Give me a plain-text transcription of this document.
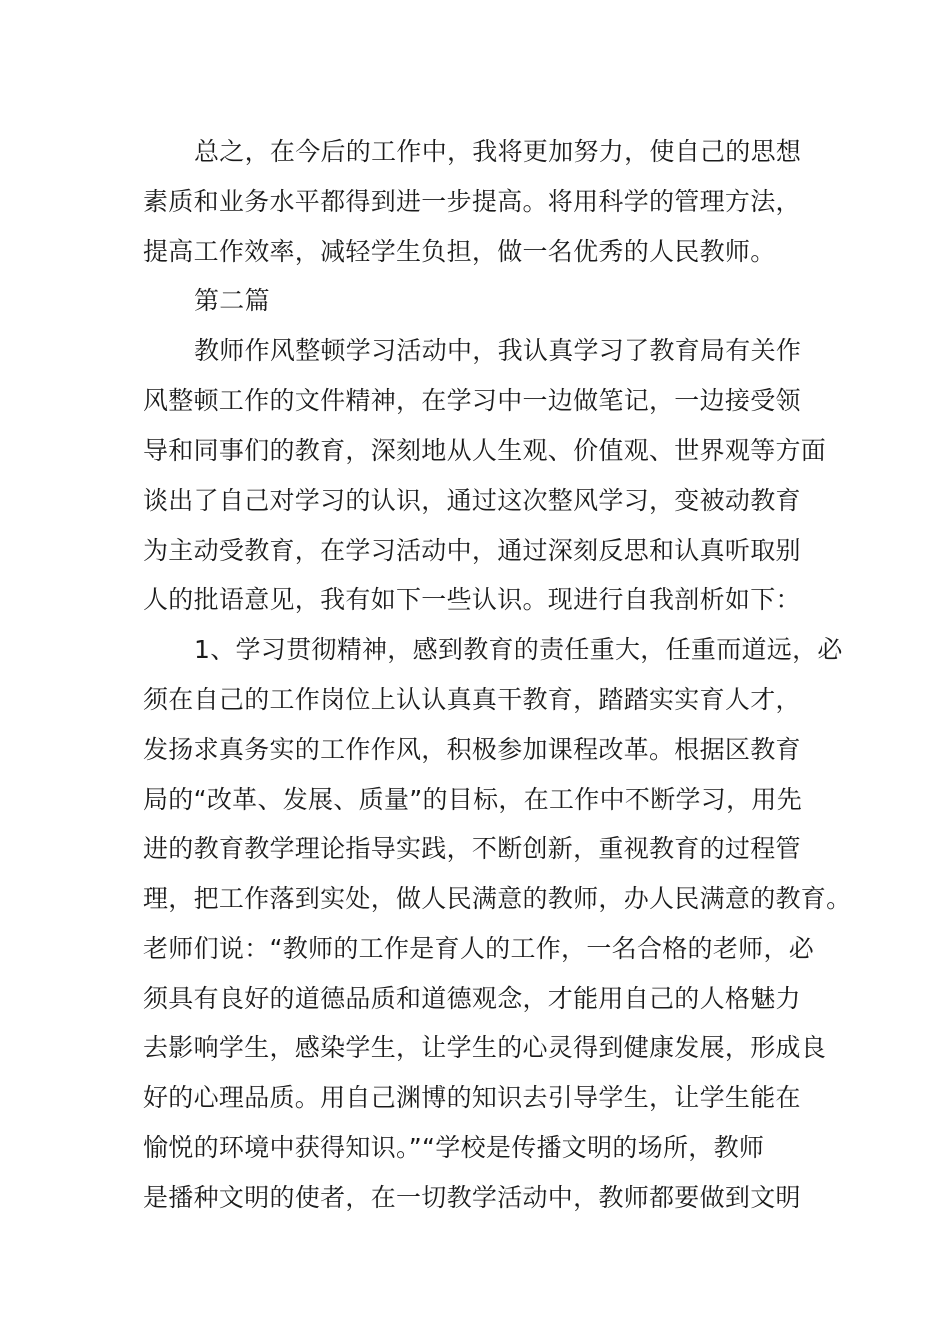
总之，在今后的工作中，我将更加努力，使自己的思想

素质和业务水平都得到进一步提高。将用科学的管理方法，

提高工作效率，减轻学生负担，做一名优秀的人民教师。

第二篇

教师作风整顿学习活动中，我认真学习了教育局有关作

风整顿工作的文件精神，在学习中一边做笔记，一边接受领

导和同事们的教育，深刻地从人生观、价值观、世界观等方面

谈出了自己对学习的认识，通过这次整风学习，变被动教育

为主动受教育，在学习活动中，通过深刻反思和认真听取别

人的批语意见，我有如下一些认识。现进行自我剖析如下：

1、学习贯彻精神，感到教育的责任重大，任重而道远，必

须在自己的工作岗位上认认真真干教育，踏踏实实育人才，

发扬求真务实的工作作风，积极参加课程改革。根据区教育

局的“改革、发展、质量”的目标，在工作中不断学习，用先

进的教育教学理论指导实践，不断创新，重视教育的过程管

理，把工作落到实处，做人民满意的教师，办人民满意的教育。

老师们说：“教师的工作是育人的工作，一名合格的老师，必

须具有良好的道德品质和道德观念，才能用自己的人格魅力

去影响学生，感染学生，让学生的心灵得到健康发展，形成良

好的心理品质。用自己渊博的知识去引导学生，让学生能在

愉悦的环境中获得知识。”“学校是传播文明的场所，教师

是播种文明的使者，在一切教学活动中，教师都要做到文明
